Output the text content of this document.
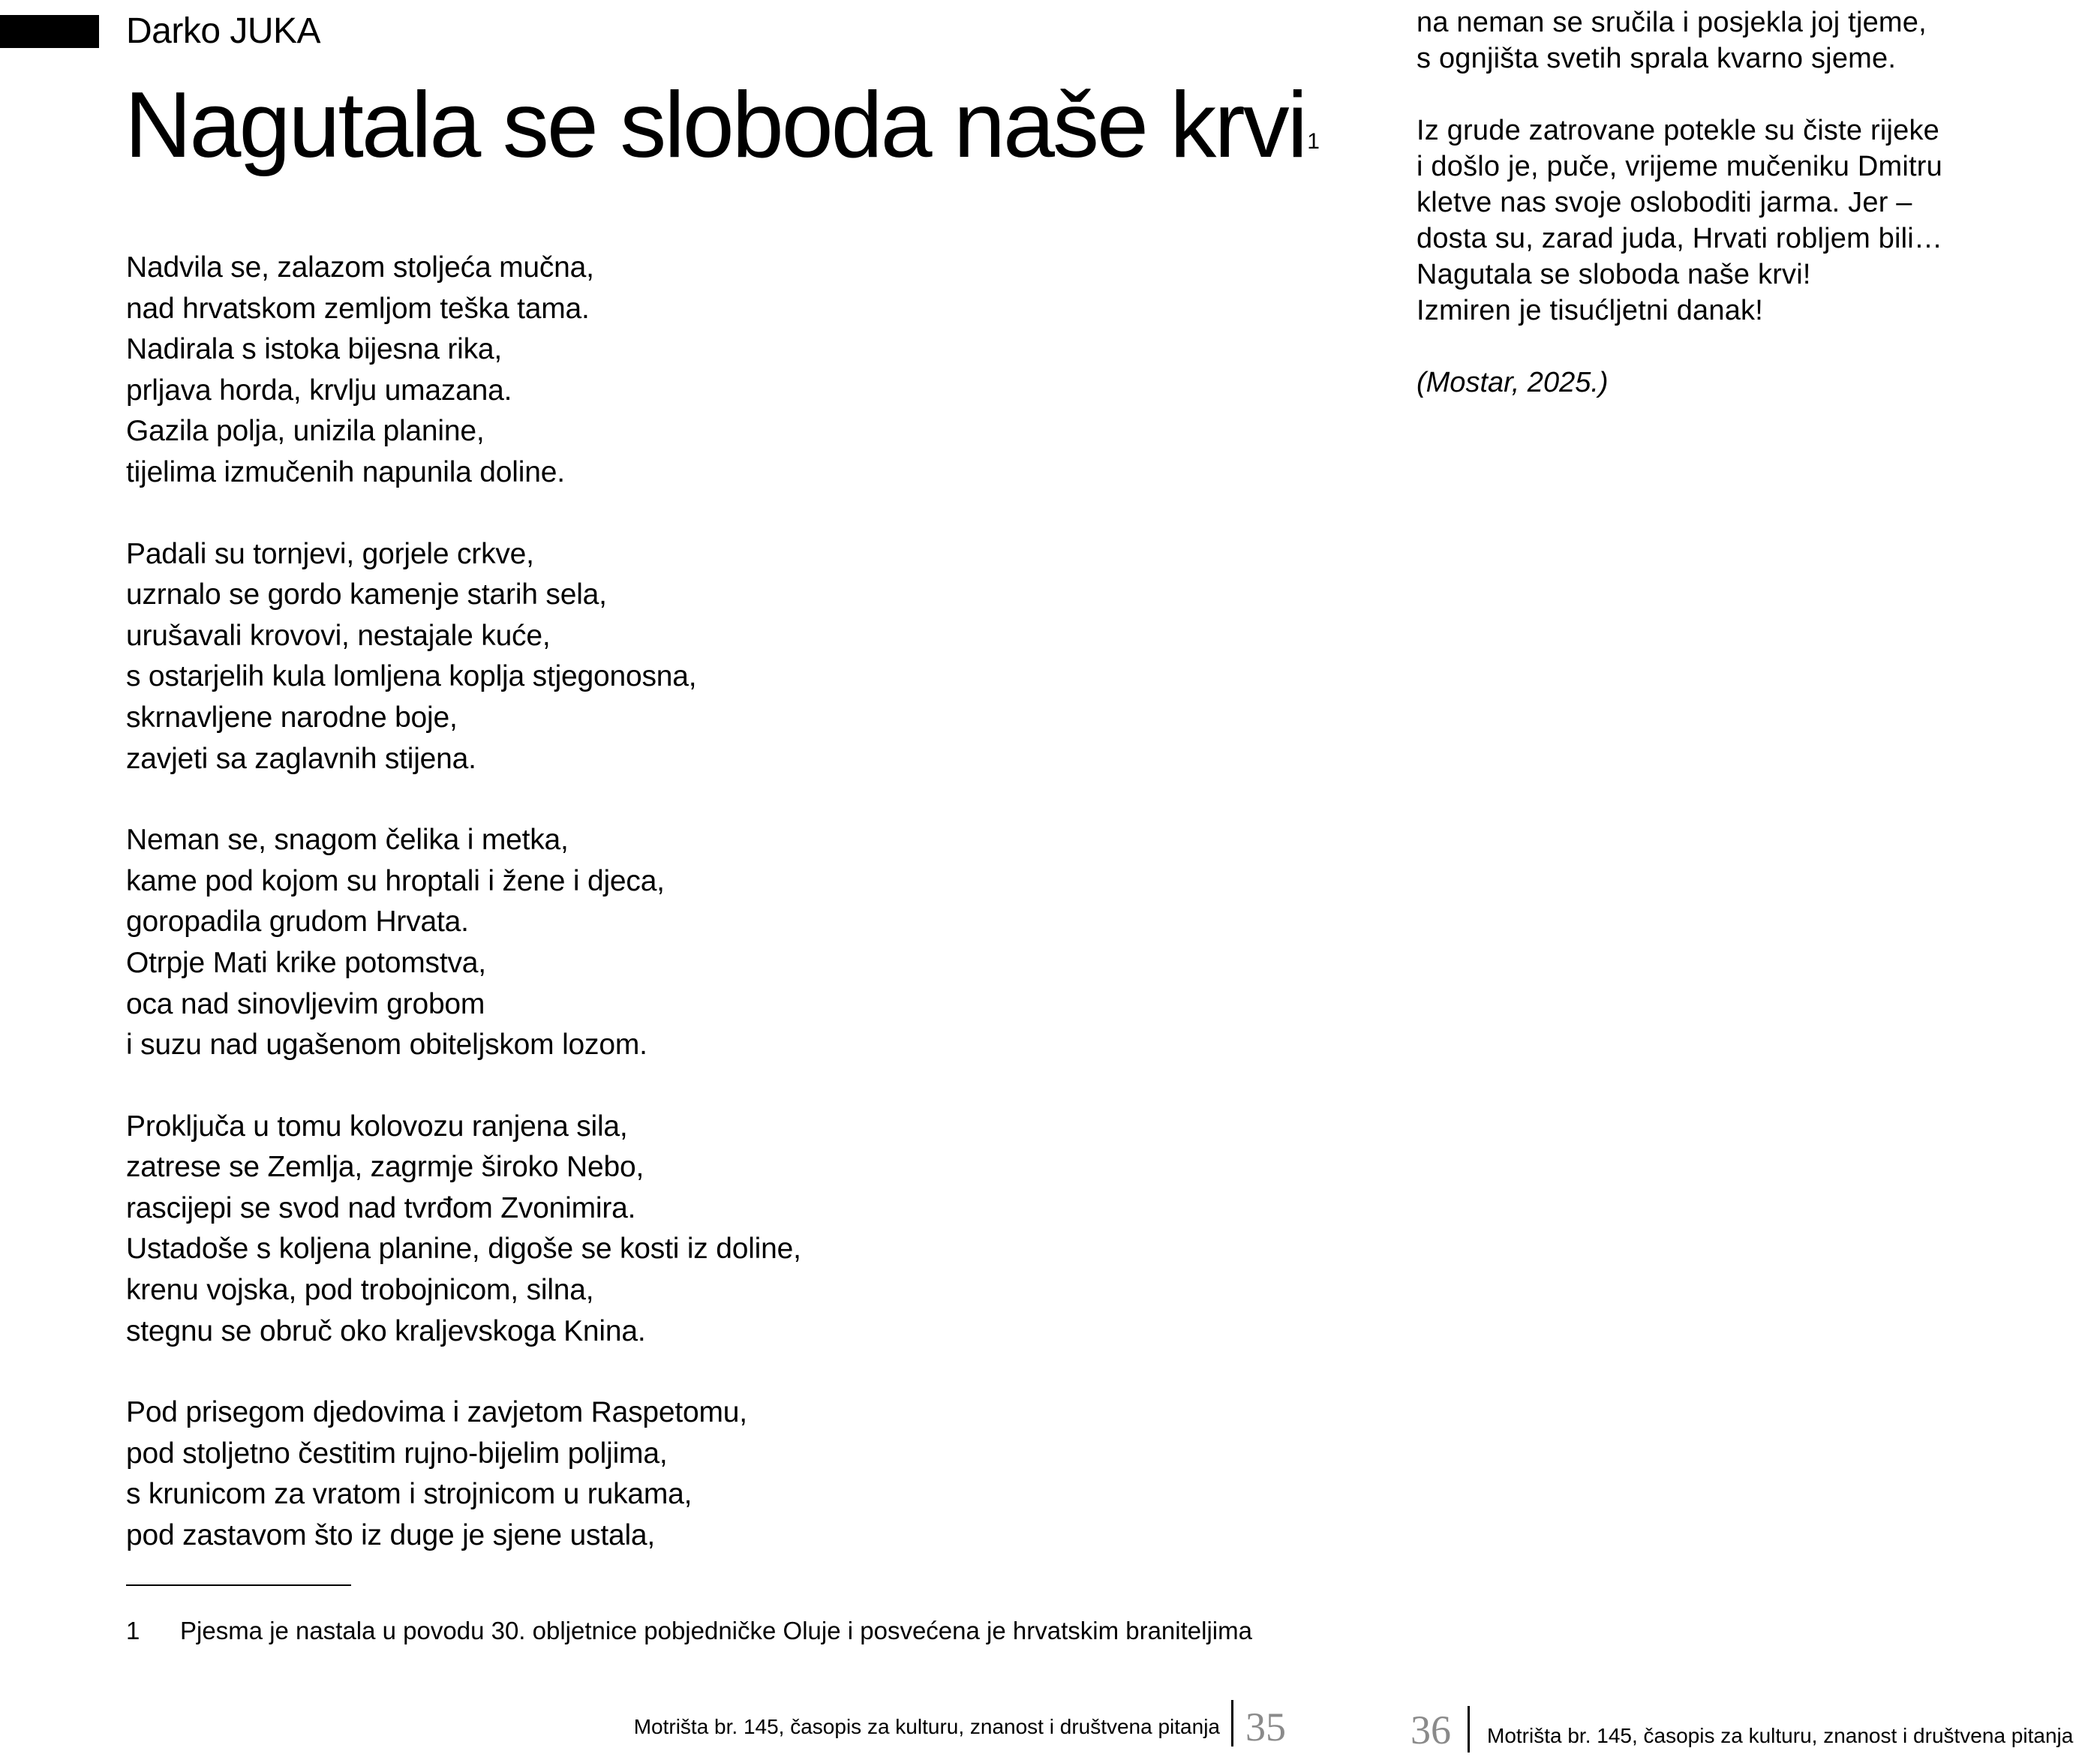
Darko JUKA
Nagutala se sloboda naše krvi$^1$
Nadvila se, zalazom stoljeća mučna,
nad hrvatskom zemljom teška tama.
Nadirala s istoka bijesna rika,
prljava horda, krvlju umazana.
Gazila polja, unizila planine,
tijelima izmučenih napunila doline.
Padali su tornjevi, gorjele crkve,
uzrnalo se gordo kamenje starih sela,
urušavali krovovi, nestajale kuće,
s ostarjelih kula lomljena koplja stjegonosna,
skrnavljene narodne boje,
zavjeti sa zaglavnih stijena.
Neman se, snagom čelika i metka,
kame pod kojom su hroptali i žene i djeca,
goropadila grudom Hrvata.
Otrpje Mati krike potomstva,
oca nad sinovljevim grobom
i suzu nad ugašenom obiteljskom lozom.
Proključa u tomu kolovozu ranjena sila,
zatrese se Zemlja, zagrmje široko Nebo,
rascijepi se svod nad tvrđom Zvonimira.
Ustadoše s koljena planine, digoše se kosti iz doline,
krenu vojska, pod trobojnicom, silna,
stegnu se obruč oko kraljevskoga Knina.
Pod prisegom djedovima i zavjetom Raspetomu,
pod stoljetno čestitim rujno-bijelim poljima,
s krunicom za vratom i strojnicom u rukama,
pod zastavom što iz duge je sjene ustala,
1 Pjesma je nastala u povodu 30. obljetnice pobjedničke Oluje i posvećena je hrvatskim braniteljima
na neman se sručila i posjekla joj tjeme,
s ognjišta svetih sprala kvarno sjeme.
Iz grude zatrovane potekle su čiste rijeke
i došlo je, puče, vrijeme mučeniku Dmitru
kletve nas svoje osloboditi jarma. Jer –
dosta su, zarad juda, Hrvati robljem bili…
Nagutala se sloboda naše krvi!
Izmiren je tisućljetni danak!
(Mostar, 2025.)
Motrišta br. 145, časopis za kulturu, znanost i društvena pitanja 35	36 Motrišta br. 145, časopis za kulturu, znanost i društvena pitanja
